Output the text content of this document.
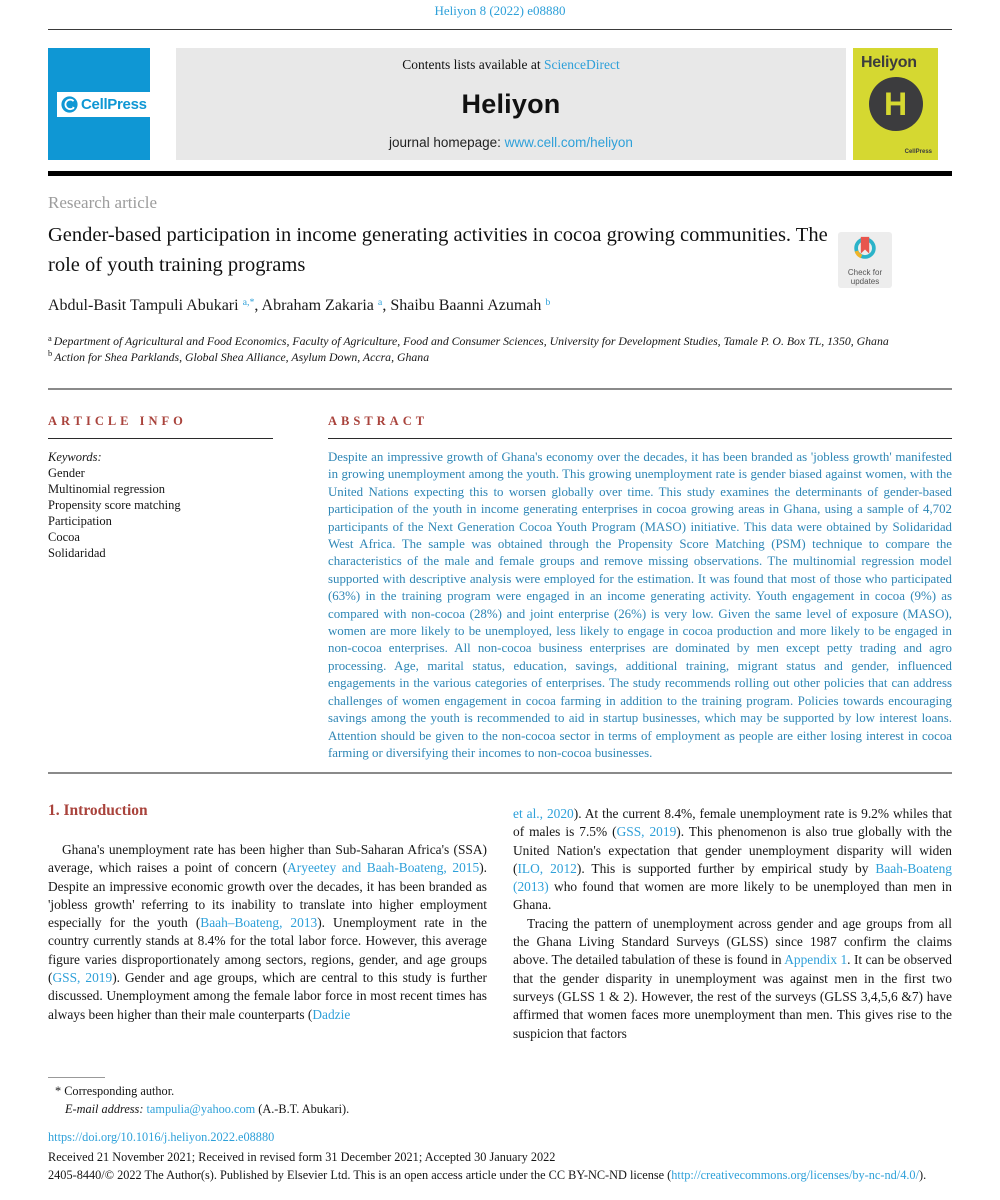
Heliyon 8 (2022) e08880
CellPress
Contents lists available at ScienceDirect
Heliyon
journal homepage: www.cell.com/heliyon
Heliyon
H
CellPress
Research article
Gender-based participation in income generating activities in cocoa growing communities. The role of youth training programs	Check for
updates
Abdul-Basit Tampuli Abukari $^{a,*}$, Abraham Zakaria $^a$, Shaibu Baanni Azumah $^b$
$^a$ Department of Agricultural and Food Economics, Faculty of Agriculture, Food and Consumer Sciences, University for Development Studies, Tamale P. O. Box TL, 1350, Ghana
$^b$ Action for Shea Parklands, Global Shea Alliance, Asylum Down, Accra, Ghana
ARTICLE INFO
Keywords:
Gender
Multinomial regression
Propensity score matching
Participation
Cocoa
Solidaridad
ABSTRACT
Despite an impressive growth of Ghana's economy over the decades, it has been branded as 'jobless growth' manifested in growing unemployment among the youth. This growing unemployment rate is gender biased against women, with the United Nations expecting this to worsen globally over time. This study examines the determinants of gender-based participation of the youth in income generating enterprises in cocoa growing areas in Ghana, using a sample of 4,702 participants of the Next Generation Cocoa Youth Program (MASO) initiative. This data were obtained by Solidaridad West Africa. The sample was obtained through the Propensity Score Matching (PSM) technique to compare the characteristics of the male and female groups and remove missing observations. The multinomial regression model supported with descriptive analysis were employed for the estimation. It was found that most of those who participated (63%) in the training program were engaged in an income generating activity. Youth engagement in cocoa (9%) as compared with non-cocoa (28%) and joint enterprise (26%) is very low. Given the same level of exposure (MASO), women are more likely to be unemployed, less likely to engage in cocoa production and more likely to be engaged in non-cocoa enterprises. All non-cocoa business enterprises are dominated by men except petty trading and agro processing. Age, marital status, education, savings, additional training, migrant status and gender, influenced engagements in the various categories of enterprises. The study recommends rolling out other policies that can address challenges of women engagement in cocoa farming in addition to the training program. Policies towards encouraging savings among the youth is recommended to aid in startup businesses, which may be supported by low interest loans. Attention should be given to the non-cocoa sector in terms of employment as people are either losing interest in cocoa farming or diversifying their incomes to non-cocoa businesses.
1. Introduction

Ghana's unemployment rate has been higher than Sub-Saharan Africa's (SSA) average, which raises a point of concern (Aryeetey and Baah-Boateng, 2015). Despite an impressive economic growth over the decades, it has been branded as 'jobless growth' referring to its inability to translate into higher employment especially for the youth (Baah–Boateng, 2013). Unemployment rate in the country currently stands at 8.4% for the total labor force. However, this average figure varies disproportionately among sectors, regions, gender, and age groups (GSS, 2019). Gender and age groups, which are central to this study is further discussed. Unemployment among the female labor force in most recent times has always been higher than their male counterparts (Dadzie

et al., 2020). At the current 8.4%, female unemployment rate is 9.2% whiles that of males is 7.5% (GSS, 2019). This phenomenon is also true globally with the United Nation's expectation that gender unemployment disparity will widen (ILO, 2012). This is supported further by empirical study by Baah-Boateng (2013) who found that women are more likely to be unemployed than men in Ghana.

Tracing the pattern of unemployment across gender and age groups from all the Ghana Living Standard Surveys (GLSS) since 1987 confirm the claims above. The detailed tabulation of these is found in Appendix 1. It can be observed that the gender disparity in unemployment was against men in the first two surveys (GLSS 1 & 2). However, the rest of the surveys (GLSS 3,4,5,6 &7) have affirmed that women faces more unemployment than men. This gives rise to the suspicion that factors

* Corresponding author.
E-mail address: tampulia@yahoo.com (A.-B.T. Abukari).
https://doi.org/10.1016/j.heliyon.2022.e08880
Received 21 November 2021; Received in revised form 31 December 2021; Accepted 30 January 2022
2405-8440/© 2022 The Author(s). Published by Elsevier Ltd. This is an open access article under the CC BY-NC-ND license (http://creativecommons.org/licenses/by-nc-nd/4.0/).
